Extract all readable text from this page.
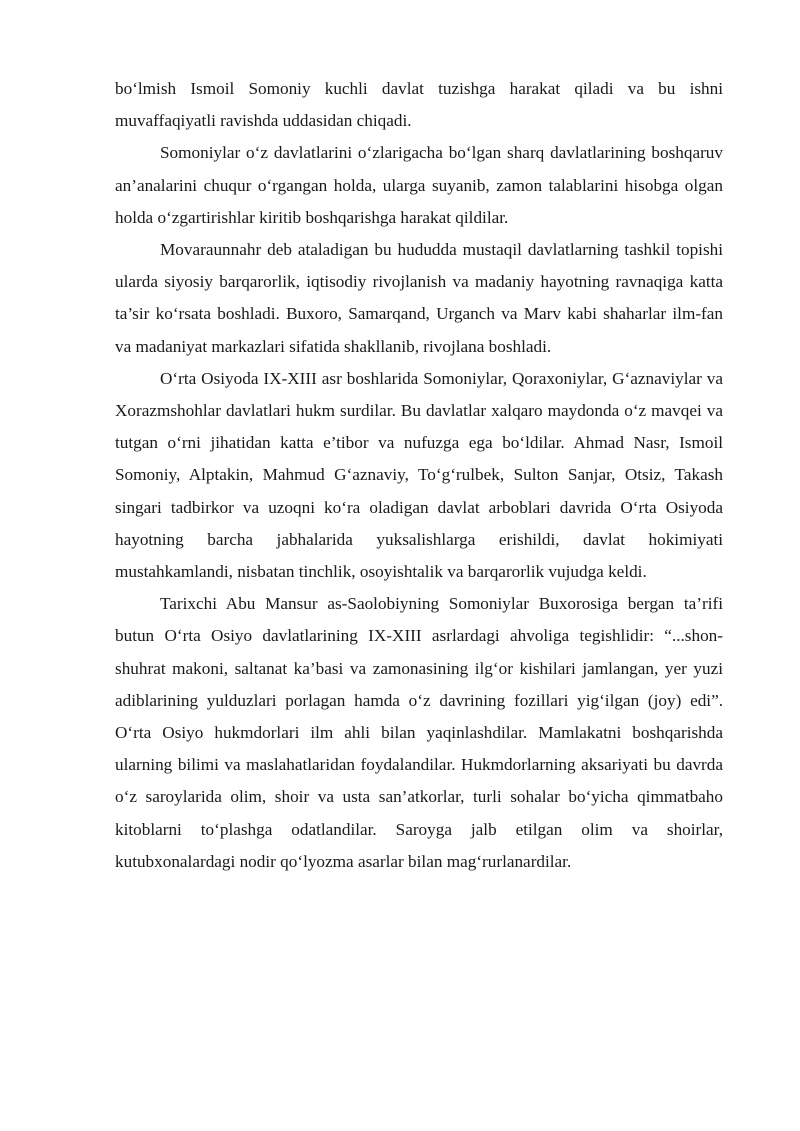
bo‘lmish Ismoil Somoniy kuchli davlat tuzishga harakat qiladi va bu ishni muvaffaqiyatli ravishda uddasidan chiqadi.

Somoniylar o‘z davlatlarini o‘zlarigacha bo‘lgan sharq davlatlarining boshqaruv an’analarini chuqur o‘rgangan holda, ularga suyanib, zamon talablarini hisobga olgan holda o‘zgartirishlar kiritib boshqarishga harakat qildilar.

Movaraunnahr deb ataladigan bu hududda mustaqil davlatlarning tashkil topishi ularda siyosiy barqarorlik, iqtisodiy rivojlanish va madaniy hayotning ravnaqiga katta ta’sir ko‘rsata boshladi. Buxoro, Samarqand, Urganch va Marv kabi shaharlar ilm-fan va madaniyat markazlari sifatida shakllanib, rivojlana boshladi.

O‘rta Osiyoda IX-XIII asr boshlarida Somoniylar, Qoraxoniylar, G‘aznaviylar va Xorazmshohlar davlatlari hukm surdilar. Bu davlatlar xalqaro maydonda o‘z mavqei va tutgan o‘rni jihatidan katta e’tibor va nufuzga ega bo‘ldilar. Ahmad Nasr, Ismoil Somoniy, Alptakin, Mahmud G‘aznaviy, To‘g‘rulbek, Sulton Sanjar, Otsiz, Takash singari tadbirkor va uzoqni ko‘ra oladigan davlat arboblari davrida O‘rta Osiyoda hayotning barcha jabhalarida yuksalishlarga erishildi, davlat hokimiyati mustahkamlandi, nisbatan tinchlik, osoyishtalik va barqarorlik vujudga keldi.

Tarixchi Abu Mansur as-Saolobiyning Somoniylar Buxorosiga bergan ta’rifi butun O‘rta Osiyo davlatlarining IX-XIII asrlardagi ahvoliga tegishlidir: “...shon-shuhrat makoni, saltanat ka’basi va zamonasining ilg‘or kishilari jamlangan, yer yuzi adiblarining yulduzlari porlagan hamda o‘z davrining fozillari yig‘ilgan (joy) edi”. O‘rta Osiyo hukmdorlari ilm ahli bilan yaqinlashdilar. Mamlakatni boshqarishda ularning bilimi va maslahatlaridan foydalandilar. Hukmdorlarning aksariyati bu davrda o‘z saroylarida olim, shoir va usta san’atkorlar, turli sohalar bo‘yicha qimmatbaho kitoblarni to‘plashga odatlandilar. Saroyga jalb etilgan olim va shoirlar, kutubxonalardagi nodir qo‘lyozma asarlar bilan mag‘rurlanardilar.
